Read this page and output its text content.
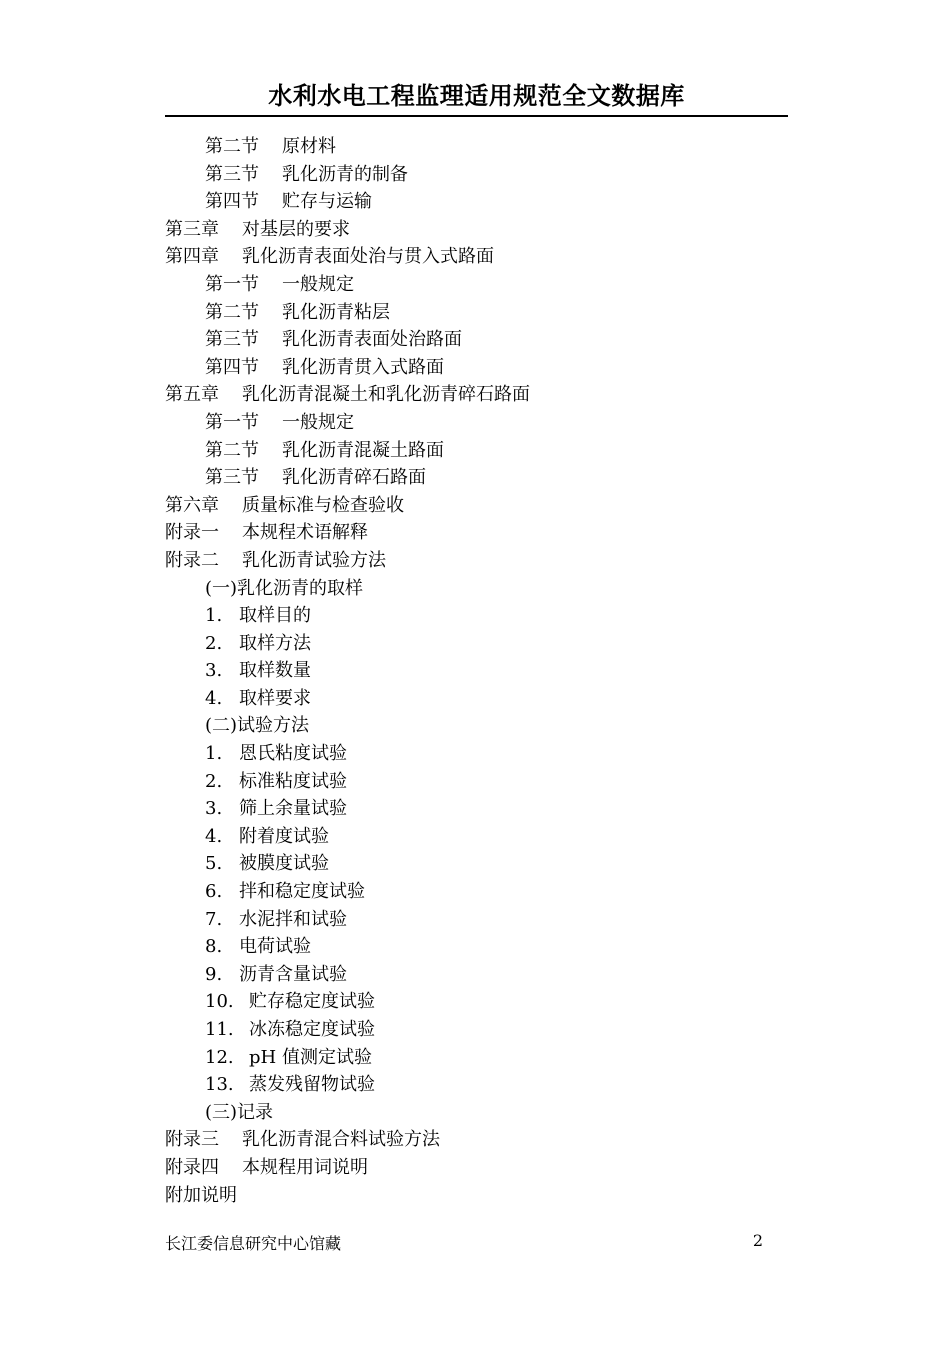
水利水电工程监理适用规范全文数据库
第二节 原材料
第三节 乳化沥青的制备
第四节 贮存与运输
第三章 对基层的要求
第四章 乳化沥青表面处治与贯入式路面
第一节 一般规定
第二节 乳化沥青粘层
第三节 乳化沥青表面处治路面
第四节 乳化沥青贯入式路面
第五章 乳化沥青混凝土和乳化沥青碎石路面
第一节 一般规定
第二节 乳化沥青混凝土路面
第三节 乳化沥青碎石路面
第六章 质量标准与检查验收
附录一 本规程术语解释
附录二 乳化沥青试验方法
(一)乳化沥青的取样
1. 取样目的
2. 取样方法
3. 取样数量
4. 取样要求
(二)试验方法
1. 恩氏粘度试验
2. 标准粘度试验
3. 筛上余量试验
4. 附着度试验
5. 被膜度试验
6. 拌和稳定度试验
7. 水泥拌和试验
8. 电荷试验
9. 沥青含量试验
10. 贮存稳定度试验
11. 冰冻稳定度试验
12. pH 值测定试验
13. 蒸发残留物试验
(三)记录
附录三 乳化沥青混合料试验方法
附录四 本规程用词说明
附加说明
长江委信息研究中心馆藏	2
